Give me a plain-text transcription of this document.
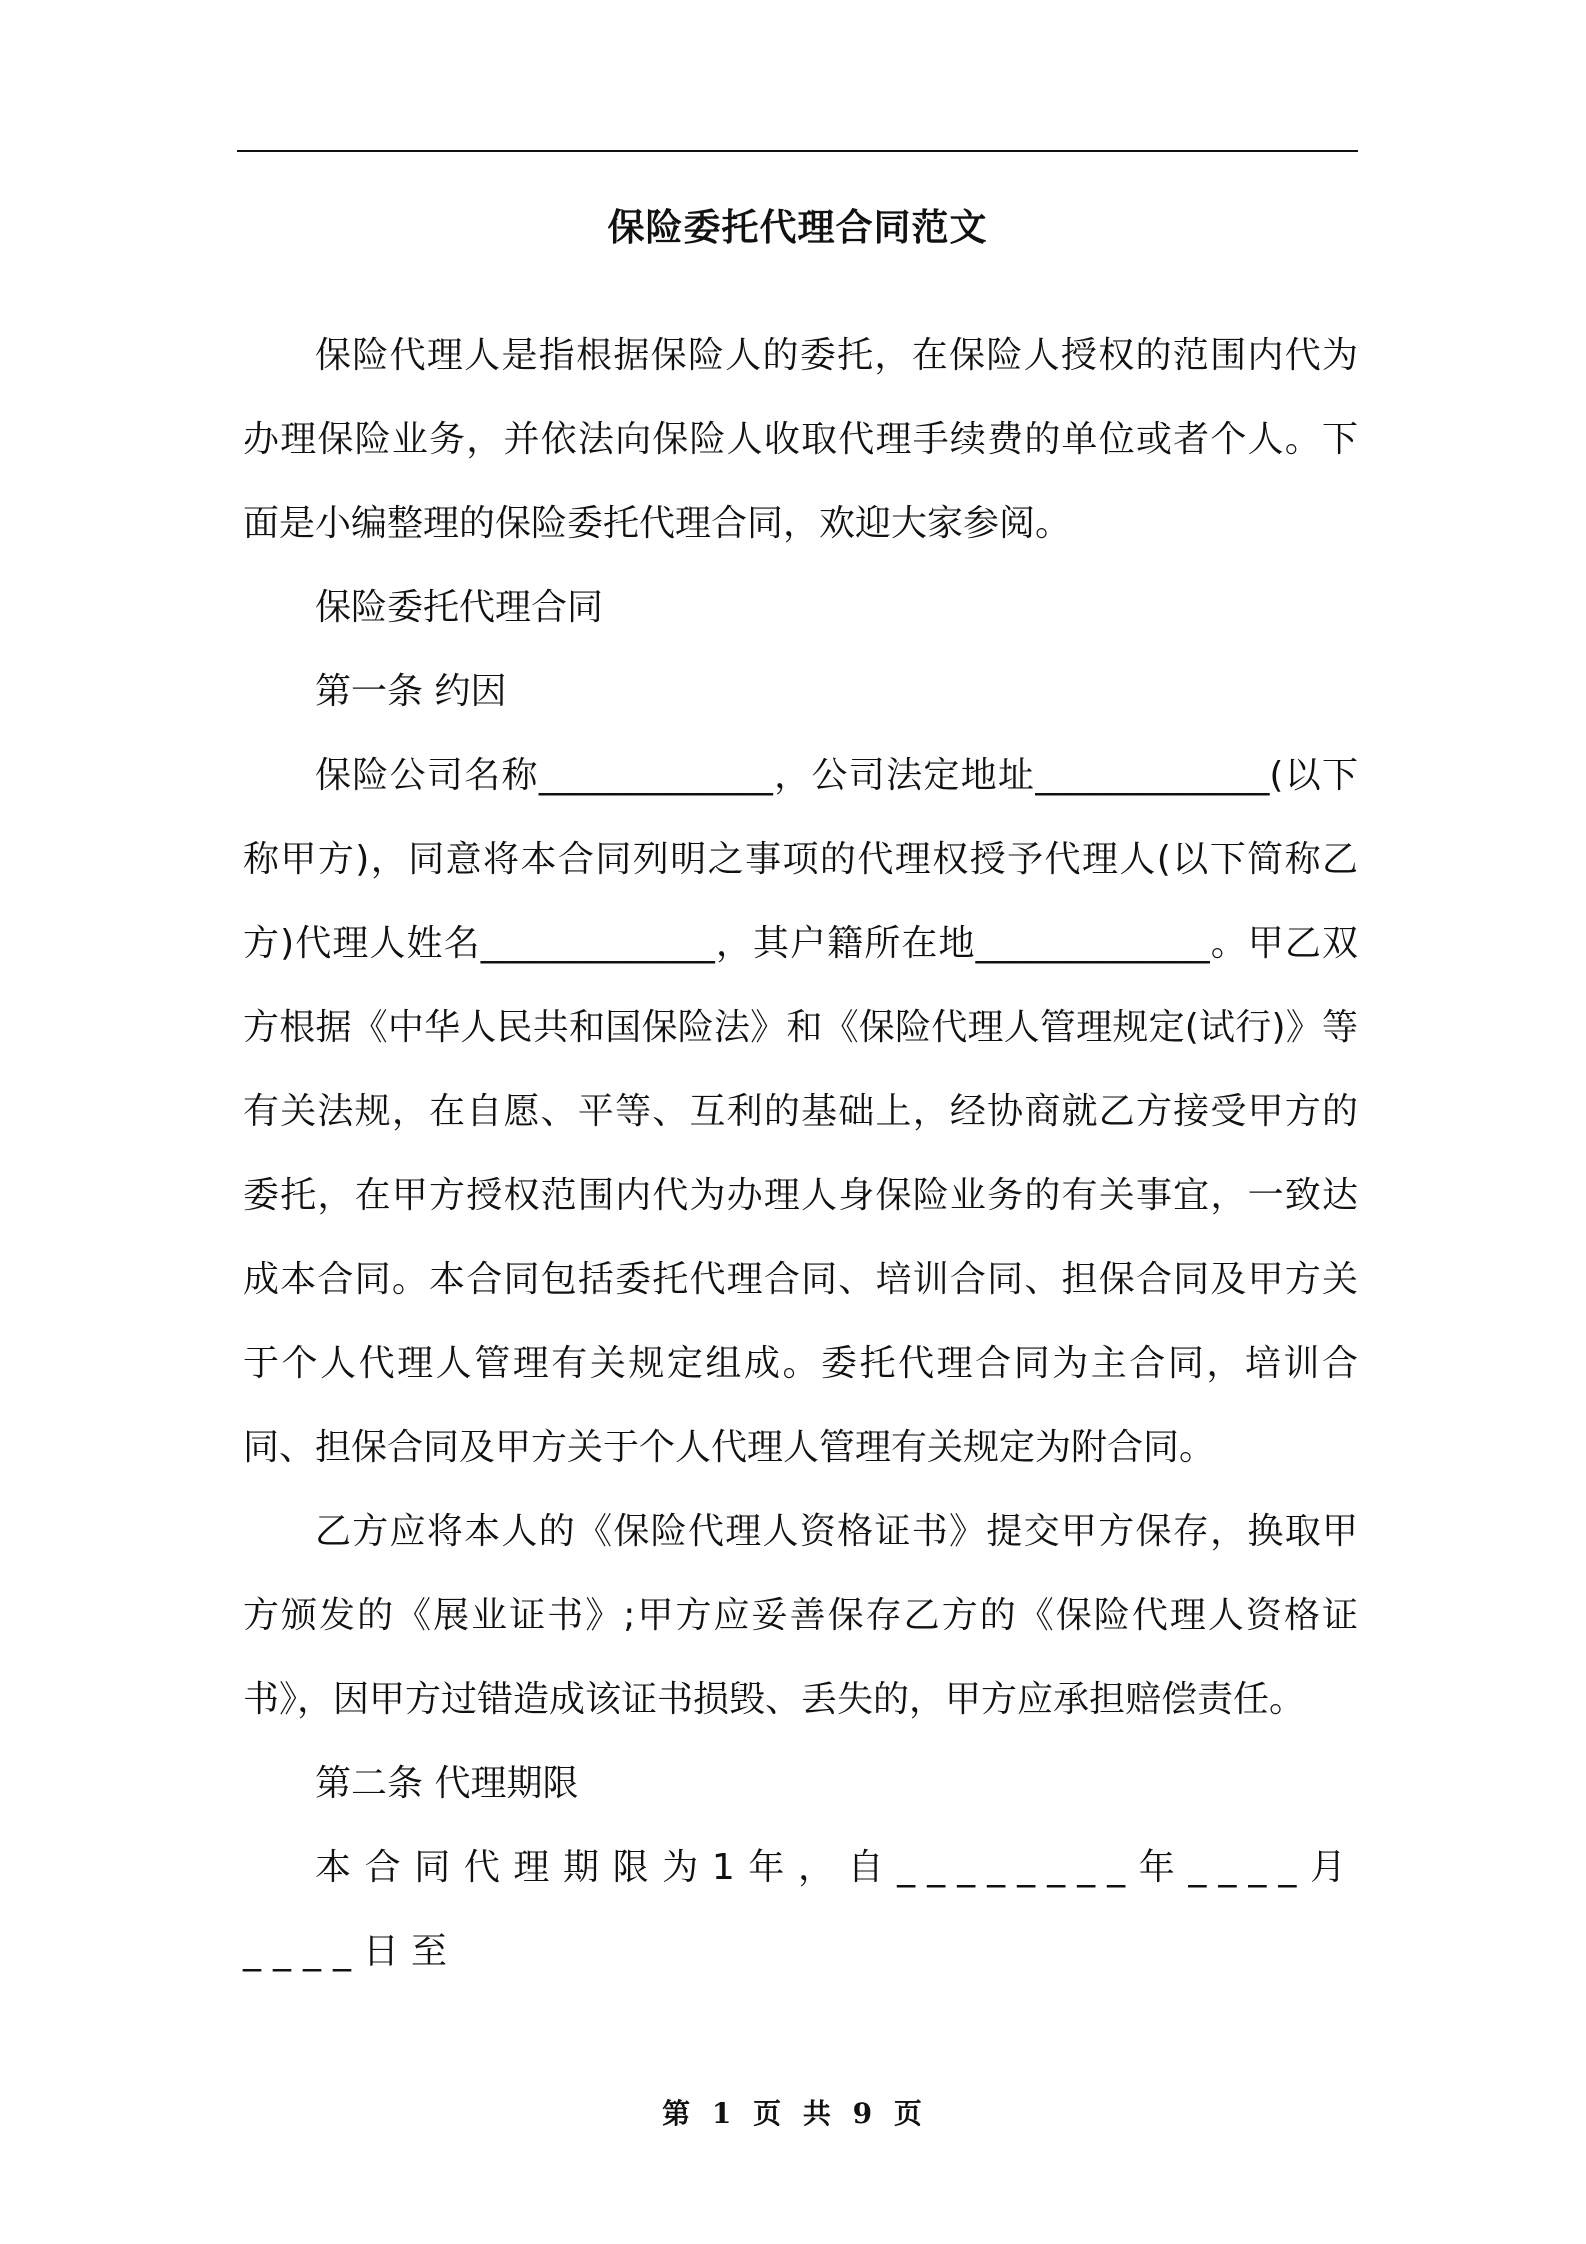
保险委托代理合同范文

保险代理人是指根据保险人的委托，在保险人授权的范围内代为办理保险业务，并依法向保险人收取代理手续费的单位或者个人。下面是小编整理的保险委托代理合同，欢迎大家参阅。

保险委托代理合同

第一条 约因

保险公司名称_____________，公司法定地址_____________(以下称甲方)，同意将本合同列明之事项的代理权授予代理人(以下简称乙方)代理人姓名_____________，其户籍所在地_____________。甲乙双方根据《中华人民共和国保险法》和《保险代理人管理规定(试行)》等有关法规，在自愿、平等、互利的基础上，经协商就乙方接受甲方的委托，在甲方授权范围内代为办理人身保险业务的有关事宜，一致达成本合同。本合同包括委托代理合同、培训合同、担保合同及甲方关于个人代理人管理有关规定组成。委托代理合同为主合同，培训合同、担保合同及甲方关于个人代理人管理有关规定为附合同。

乙方应将本人的《保险代理人资格证书》提交甲方保存，换取甲方颁发的《展业证书》;甲方应妥善保存乙方的《保险代理人资格证书》，因甲方过错造成该证书损毁、丢失的，甲方应承担赔偿责任。

第二条 代理期限

本合同代理期限为1年，自________年____月____日至

第 1 页 共 9 页
